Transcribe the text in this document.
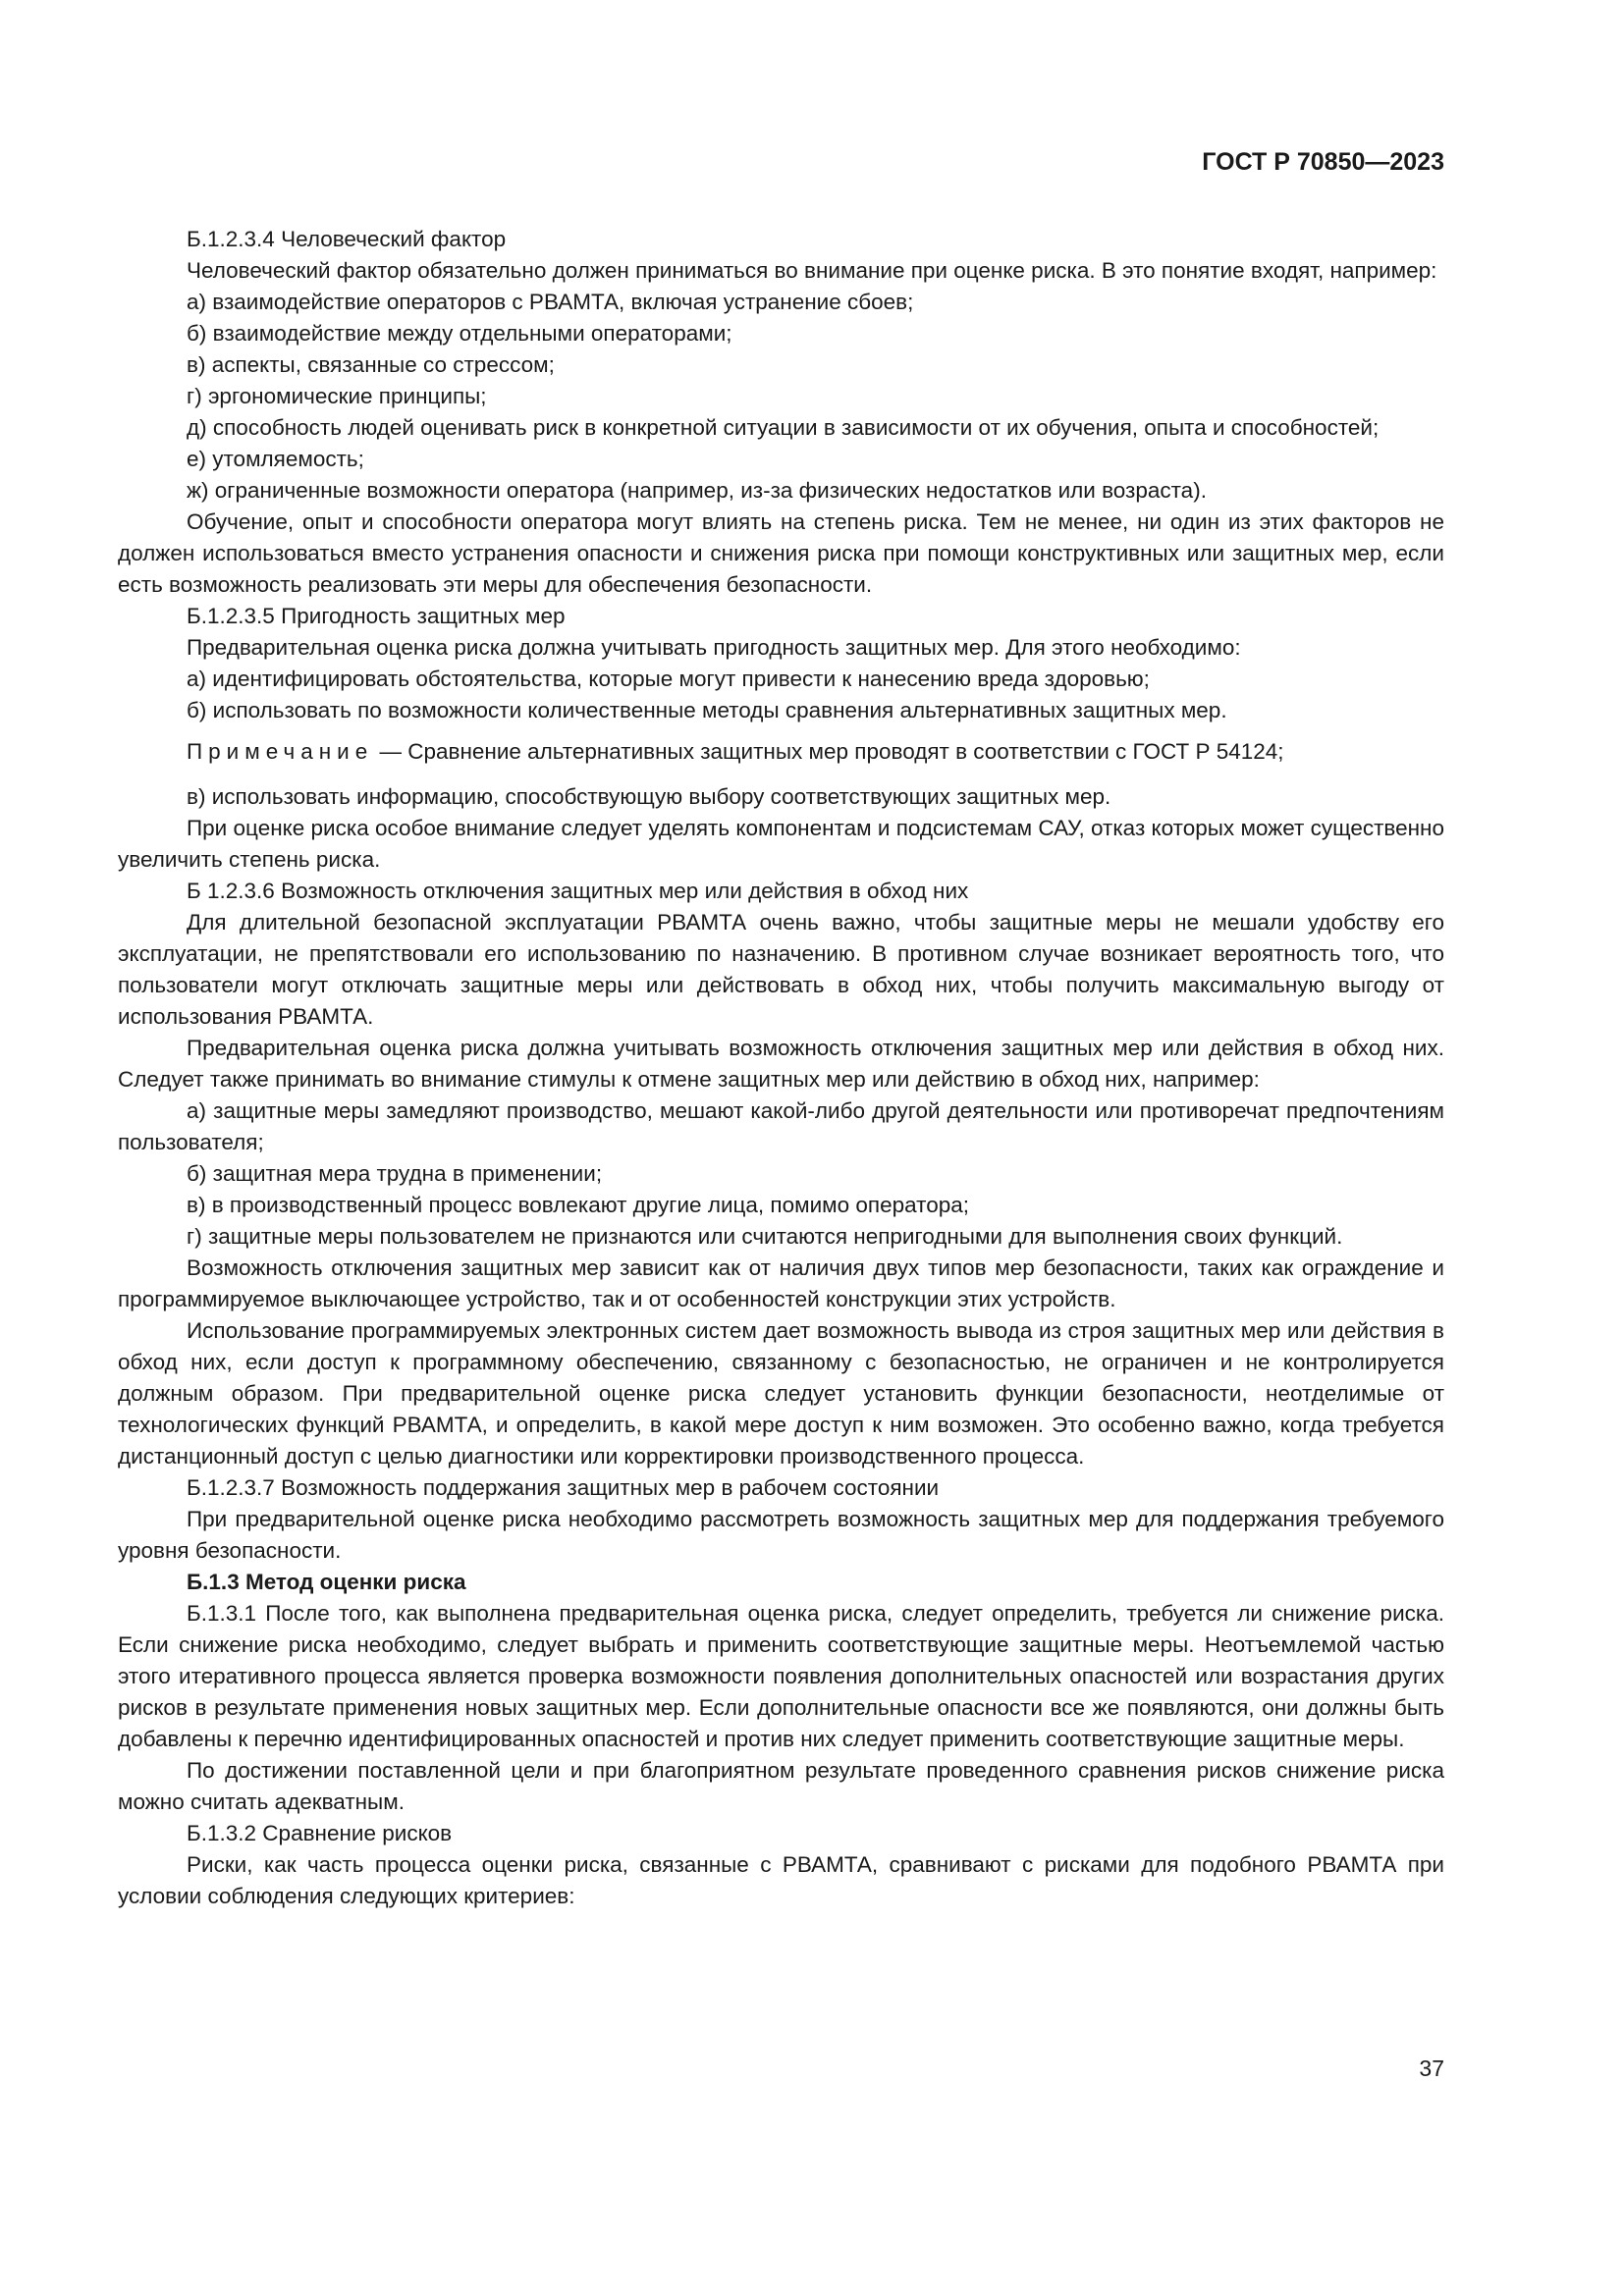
ГОСТ Р 70850—2023

Б.1.2.3.4 Человеческий фактор

Человеческий фактор обязательно должен приниматься во внимание при оценке риска. В это понятие входят, например:

а) взаимодействие операторов с РВАМТА, включая устранение сбоев;

б) взаимодействие между отдельными операторами;

в) аспекты, связанные со стрессом;

г) эргономические принципы;

д) способность людей оценивать риск в конкретной ситуации в зависимости от их обучения, опыта и способностей;

е) утомляемость;

ж) ограниченные возможности оператора (например, из-за физических недостатков или возраста).

Обучение, опыт и способности оператора могут влиять на степень риска. Тем не менее, ни один из этих факторов не должен использоваться вместо устранения опасности и снижения риска при помощи конструктивных или защитных мер, если есть возможность реализовать эти меры для обеспечения безопасности.

Б.1.2.3.5 Пригодность защитных мер

Предварительная оценка риска должна учитывать пригодность защитных мер. Для этого необходимо:

а) идентифицировать обстоятельства, которые могут привести к нанесению вреда здоровью;

б) использовать по возможности количественные методы сравнения альтернативных защитных мер.

Примечание — Сравнение альтернативных защитных мер проводят в соответствии с ГОСТ Р 54124;

в) использовать информацию, способствующую выбору соответствующих защитных мер.

При оценке риска особое внимание следует уделять компонентам и подсистемам САУ, отказ которых может существенно увеличить степень риска.

Б 1.2.3.6 Возможность отключения защитных мер или действия в обход них

Для длительной безопасной эксплуатации РВАМТА очень важно, чтобы защитные меры не мешали удобству его эксплуатации, не препятствовали его использованию по назначению. В противном случае возникает вероятность того, что пользователи могут отключать защитные меры или действовать в обход них, чтобы получить максимальную выгоду от использования РВАМТА.

Предварительная оценка риска должна учитывать возможность отключения защитных мер или действия в обход них. Следует также принимать во внимание стимулы к отмене защитных мер или действию в обход них, например:

а) защитные меры замедляют производство, мешают какой-либо другой деятельности или противоречат предпочтениям пользователя;

б) защитная мера трудна в применении;

в) в производственный процесс вовлекают другие лица, помимо оператора;

г) защитные меры пользователем не признаются или считаются непригодными для выполнения своих функций.

Возможность отключения защитных мер зависит как от наличия двух типов мер безопасности, таких как ограждение и программируемое выключающее устройство, так и от особенностей конструкции этих устройств.

Использование программируемых электронных систем дает возможность вывода из строя защитных мер или действия в обход них, если доступ к программному обеспечению, связанному с безопасностью, не ограничен и не контролируется должным образом. При предварительной оценке риска следует установить функции безопасности, неотделимые от технологических функций РВАМТА, и определить, в какой мере доступ к ним возможен. Это особенно важно, когда требуется дистанционный доступ с целью диагностики или корректировки производственного процесса.

Б.1.2.3.7 Возможность поддержания защитных мер в рабочем состоянии

При предварительной оценке риска необходимо рассмотреть возможность защитных мер для поддержания требуемого уровня безопасности.

Б.1.3 Метод оценки риска

Б.1.3.1 После того, как выполнена предварительная оценка риска, следует определить, требуется ли снижение риска. Если снижение риска необходимо, следует выбрать и применить соответствующие защитные меры. Неотъемлемой частью этого итеративного процесса является проверка возможности появления дополнительных опасностей или возрастания других рисков в результате применения новых защитных мер. Если дополнительные опасности все же появляются, они должны быть добавлены к перечню идентифицированных опасностей и против них следует применить соответствующие защитные меры.

По достижении поставленной цели и при благоприятном результате проведенного сравнения рисков снижение риска можно считать адекватным.

Б.1.3.2 Сравнение рисков

Риски, как часть процесса оценки риска, связанные с РВАМТА, сравнивают с рисками для подобного РВАМТА при условии соблюдения следующих критериев:

37
